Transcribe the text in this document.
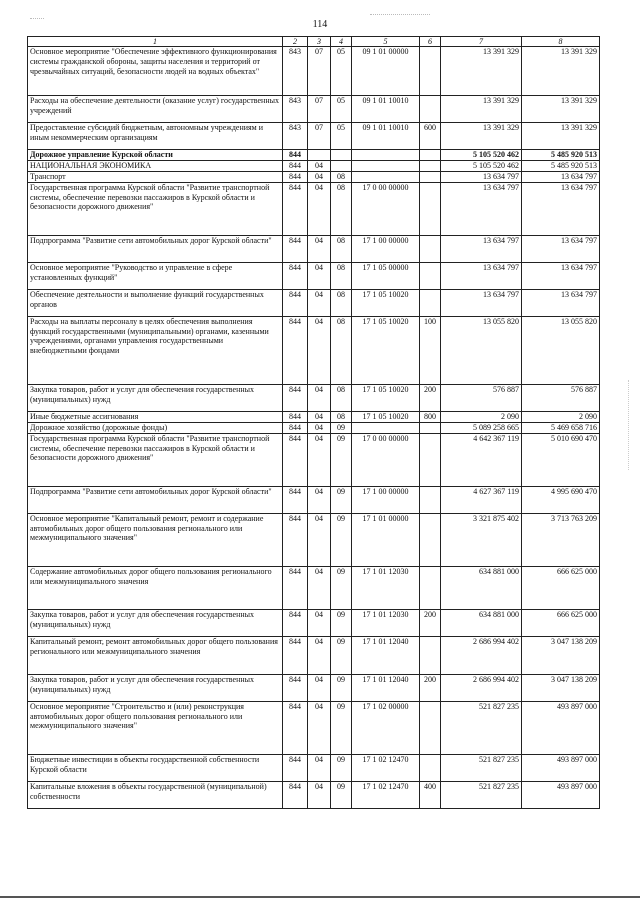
114
1	2	3	4	5	6	7	8
Основное мероприятие "Обеспечение эффективного функционирования системы гражданской обороны, защиты населения и территорий от чрезвычайных ситуаций, безопасности людей на водных объектах"	843	07	05	09 1 01 00000		13 391 329	13 391 329
Расходы на обеспечение деятельности (оказание услуг) государственных учреждений	843	07	05	09 1 01 10010		13 391 329	13 391 329
Предоставление субсидий бюджетным, автономным учреждениям и иным некоммерческим организациям	843	07	05	09 1 01 10010	600	13 391 329	13 391 329
Дорожное управление Курской области	844					5 105 520 462	5 485 920 513
НАЦИОНАЛЬНАЯ ЭКОНОМИКА	844	04				5 105 520 462	5 485 920 513
Транспорт	844	04	08			13 634 797	13 634 797
Государственная программа Курской области "Развитие транспортной системы, обеспечение перевозки пассажиров в Курской области и безопасности дорожного движения"	844	04	08	17 0 00 00000		13 634 797	13 634 797
Подпрограмма "Развитие сети автомобильных дорог Курской области"	844	04	08	17 1 00 00000		13 634 797	13 634 797
Основное мероприятие "Руководство и управление в сфере установленных функций"	844	04	08	17 1 05 00000		13 634 797	13 634 797
Обеспечение деятельности и выполнение функций государственных органов	844	04	08	17 1 05 10020		13 634 797	13 634 797
Расходы на выплаты персоналу в целях обеспечения выполнения функций государственными (муниципальными) органами, казенными учреждениями, органами управления государственными внебюджетными фондами	844	04	08	17 1 05 10020	100	13 055 820	13 055 820
Закупка товаров, работ и услуг для обеспечения государственных (муниципальных) нужд	844	04	08	17 1 05 10020	200	576 887	576 887
Иные бюджетные ассигнования	844	04	08	17 1 05 10020	800	2 090	2 090
Дорожное хозяйство (дорожные фонды)	844	04	09			5 089 258 665	5 469 658 716
Государственная программа Курской области "Развитие транспортной системы, обеспечение перевозки пассажиров в Курской области и безопасности дорожного движения"	844	04	09	17 0 00 00000		4 642 367 119	5 010 690 470
Подпрограмма "Развитие сети автомобильных дорог Курской области"	844	04	09	17 1 00 00000		4 627 367 119	4 995 690 470
Основное мероприятие "Капитальный ремонт, ремонт и содержание автомобильных дорог общего пользования регионального или межмуниципального значения"	844	04	09	17 1 01 00000		3 321 875 402	3 713 763 209
Содержание автомобильных дорог общего пользования регионального или межмуниципального значения	844	04	09	17 1 01 12030		634 881 000	666 625 000
Закупка товаров, работ и услуг для обеспечения государственных (муниципальных) нужд	844	04	09	17 1 01 12030	200	634 881 000	666 625 000
Капитальный ремонт, ремонт автомобильных дорог общего пользования регионального или межмуниципального значения	844	04	09	17 1 01 12040		2 686 994 402	3 047 138 209
Закупка товаров, работ и услуг для обеспечения государственных (муниципальных) нужд	844	04	09	17 1 01 12040	200	2 686 994 402	3 047 138 209
Основное мероприятие "Строительство и (или) реконструкция автомобильных дорог общего пользования регионального или межмуниципального значения"	844	04	09	17 1 02 00000		521 827 235	493 897 000
Бюджетные инвестиции в объекты государственной собственности Курской области	844	04	09	17 1 02 12470		521 827 235	493 897 000
Капитальные вложения в объекты государственной (муниципальной) собственности	844	04	09	17 1 02 12470	400	521 827 235	493 897 000
